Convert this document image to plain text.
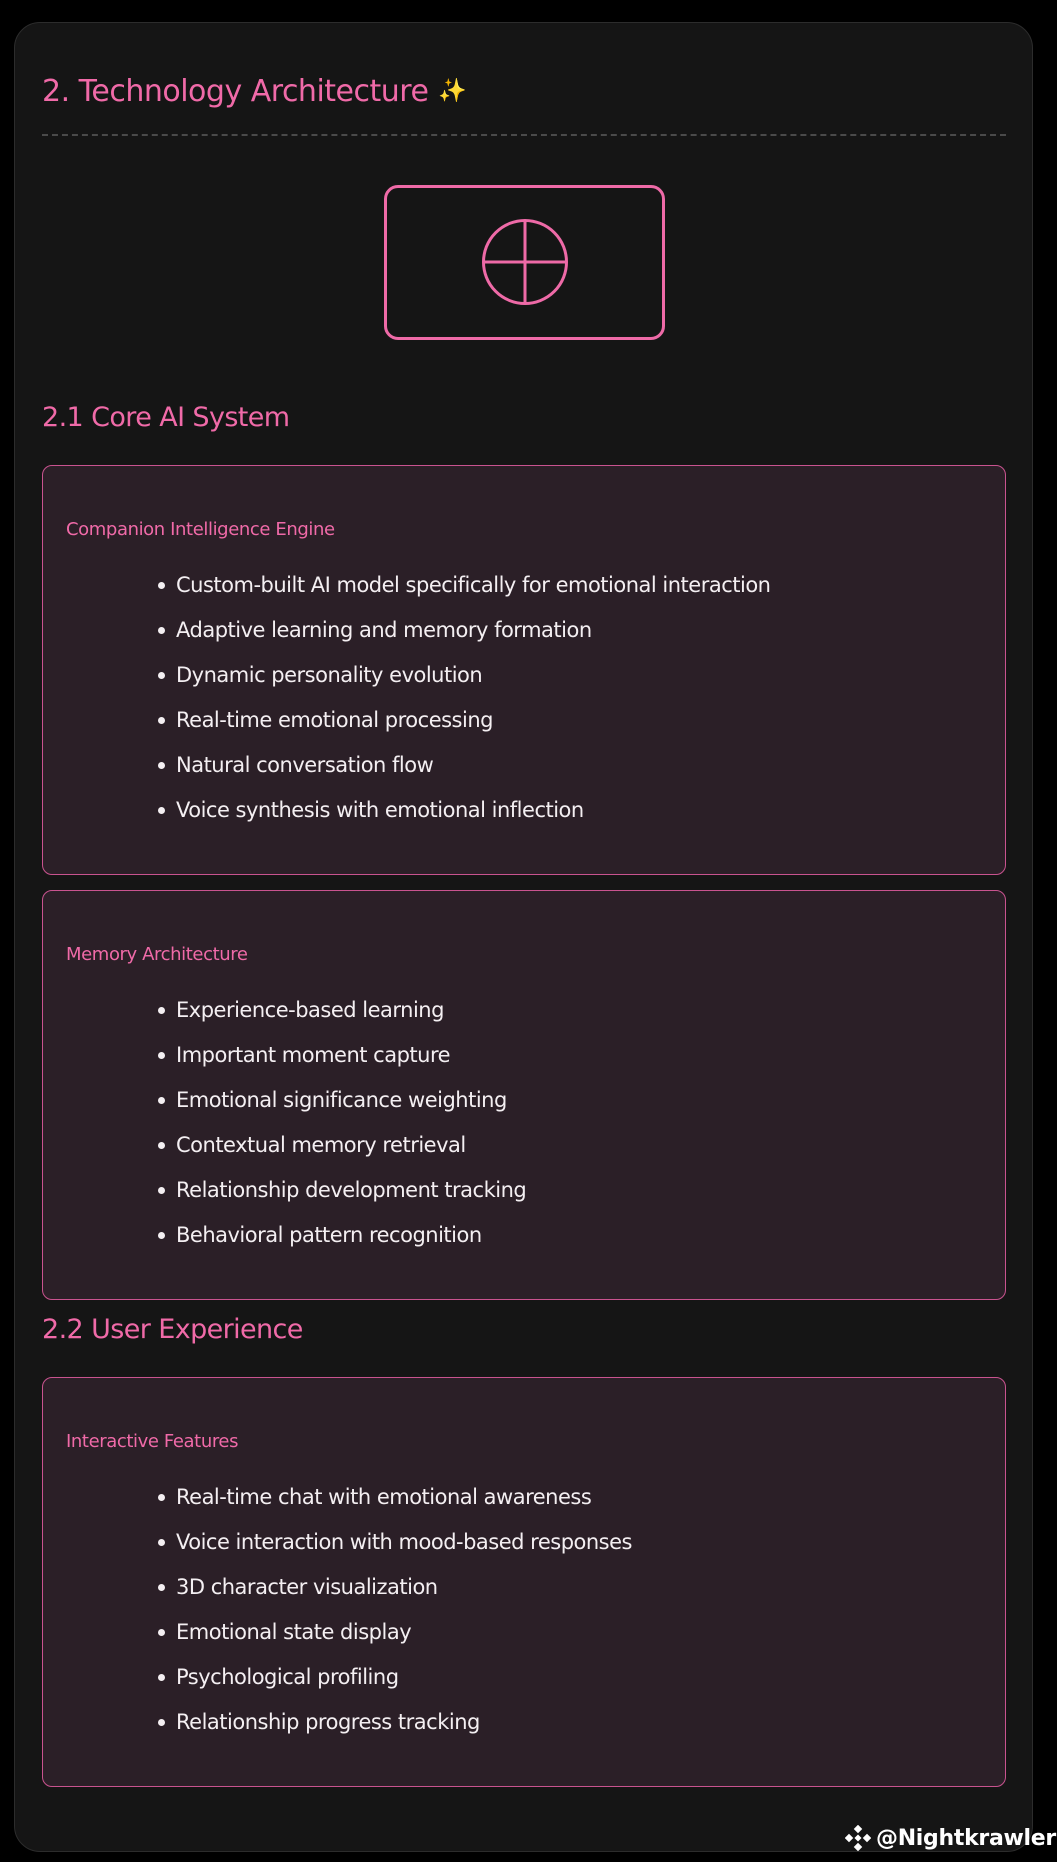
2. Technology Architecture ✨
2.1 Core AI System
Companion Intelligence Engine
Custom-built AI model specifically for emotional interaction
Adaptive learning and memory formation
Dynamic personality evolution
Real-time emotional processing
Natural conversation flow
Voice synthesis with emotional inflection
Memory Architecture
Experience-based learning
Important moment capture
Emotional significance weighting
Contextual memory retrieval
Relationship development tracking
Behavioral pattern recognition
2.2 User Experience
Interactive Features
Real-time chat with emotional awareness
Voice interaction with mood-based responses
3D character visualization
Emotional state display
Psychological profiling
Relationship progress tracking
@Nightkrawler
